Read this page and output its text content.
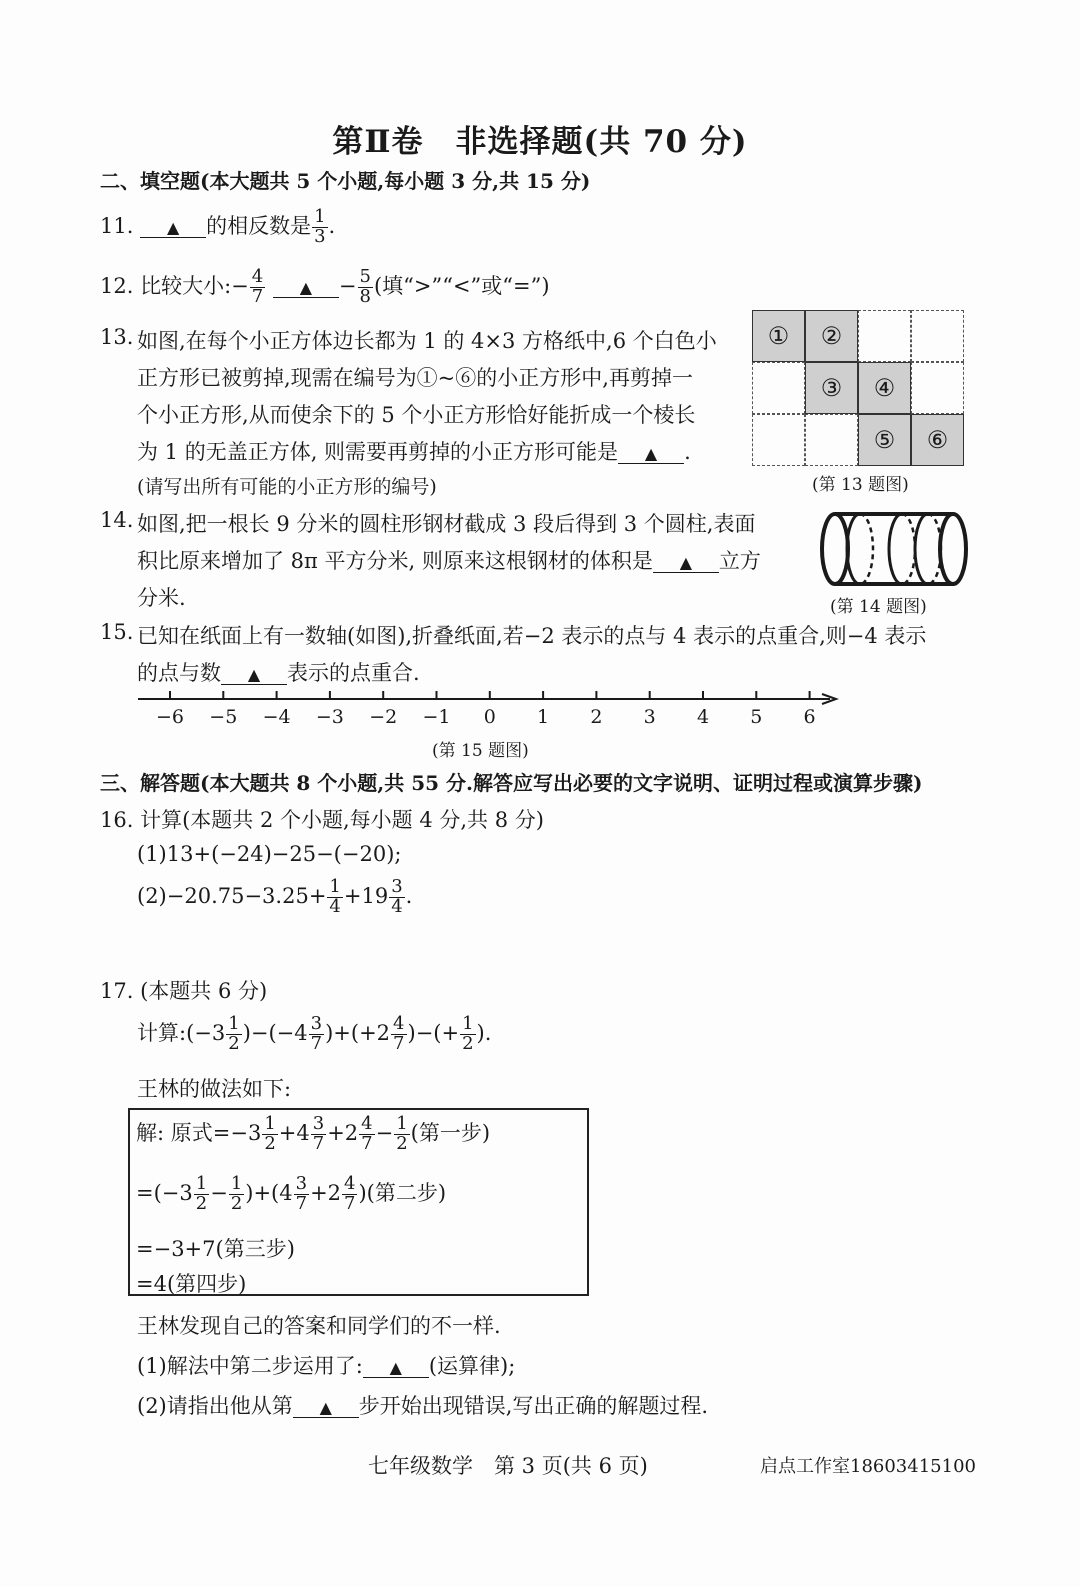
第Ⅱ卷　非选择题(共 70 分)
二、填空题(本大题共 5 个小题,每小题 3 分,共 15 分)
11. ▲ 的相反数是 $\frac{1}{3}$ .
12. 比较大小:− $\frac{4}{7}$ ▲ − $\frac{5}{8}$ (填“>”“<”或“=”)
13. 如图,在每个小正方体边长都为 1 的 4×3 方格纸中,6 个白色小
正方形已被剪掉,现需在编号为①~⑥的小正方形中,再剪掉一
个小正方形,从而使余下的 5 个小正方形恰好能折成一个棱长
为 1 的无盖正方体, 则需要再剪掉的小正方形可能是 ▲ .
(请写出所有可能的小正方形的编号)
①	②
③	④
⑤	⑥
(第 13 题图)
14. 如图,把一根长 9 分米的圆柱形钢材截成 3 段后得到 3 个圆柱,表面
积比原来增加了 8π 平方分米, 则原来这根钢材的体积是 ▲ 立方
分米.	(第 14 题图)
15. 已知在纸面上有一数轴(如图),折叠纸面,若−2 表示的点与 4 表示的点重合,则−4 表示
的点与数 ▲ 表示的点重合.
−6 −5 −4 −3 −2 −1 0 1 2 3 4 5 6
(第 15 题图)
三、解答题(本大题共 8 个小题,共 55 分.解答应写出必要的文字说明、证明过程或演算步骤)
16. 计算(本题共 2 个小题,每小题 4 分,共 8 分)
(1)13+(−24)−25−(−20);
$(2)-20.75-3.25+ \frac{1}{4} +19 \frac{3}{4}$ .
17. (本题共 6 分)
计算:(−3 $\frac{1}{2} )-(-4 \frac{3}{7} )+(+2 \frac{4}{7}$ )−(+ $\frac{1}{2}$ ).
王林的做法如下:
解: 原式$=-3 \frac{1}{2} +4 \frac{3}{7} +2 \frac{4}{7} - \frac{1}{2}$ (第一步)
$=(-3 \frac{1}{2} - \frac{1}{2} )+(4 \frac{3}{7} +2 \frac{4}{7}$ )(第二步)
=−3+7(第三步)
=4(第四步)
王林发现自己的答案和同学们的不一样.
(1)解法中第二步运用了: ▲ (运算律);
(2)请指出他从第 ▲ 步开始出现错误,写出正确的解题过程.
七年级数学　第 3 页(共 6 页)	启点工作室18603415100
